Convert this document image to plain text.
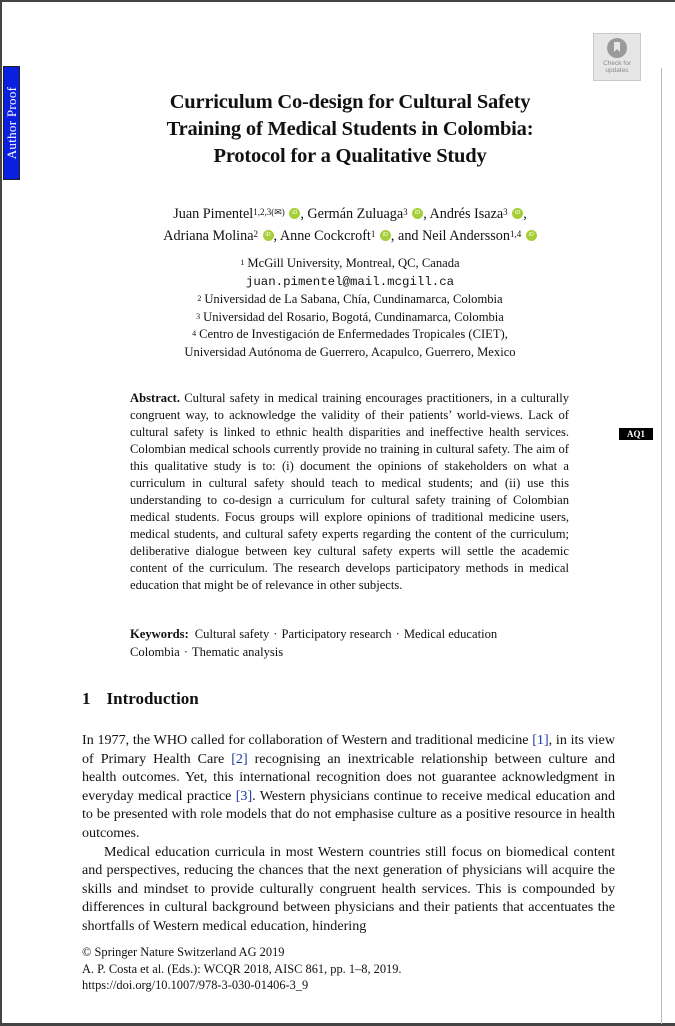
Author Proof
Check for
updates
Curriculum Co-design for Cultural Safety
Training of Medical Students in Colombia:
Protocol for a Qualitative Study
Juan Pimentel$^{1,2,3(✉)}$ iD , Germán Zuluaga$^3$ iD , Andrés Isaza$^3$ iD ,
Adriana Molina$^2$ iD , Anne Cockcroft$^1$ iD , and Neil Andersson$^{1,4}$ iD
$^1$ McGill University, Montreal, QC, Canada
juan.pimentel@mail.mcgill.ca
$^2$ Universidad de La Sabana, Chía, Cundinamarca, Colombia
$^3$ Universidad del Rosario, Bogotá, Cundinamarca, Colombia
$^4$ Centro de Investigación de Enfermedades Tropicales (CIET),
Universidad Autónoma de Guerrero, Acapulco, Guerrero, Mexico
Abstract. Cultural safety in medical training encourages practitioners, in a culturally congruent way, to acknowledge the validity of their patients’ world-views. Lack of cultural safety is linked to ethnic health disparities and ineffective health services. Colombian medical schools currently provide no training in cultural safety. The aim of this qualitative study is to: (i) document the opinions of stakeholders on what a curriculum in cultural safety should teach to medical students; and (ii) use this understanding to co-design a curriculum for cultural safety training of Colombian medical students. Focus groups will explore opinions of traditional medicine users, medical students, and cultural safety experts regarding the content of the curriculum; deliberative dialogue between key cultural safety experts will settle the academic content of the curriculum. The research develops participatory methods in medical education that might be of relevance in other subjects.
AQ1
Keywords: Cultural safety · Participatory research · Medical education
Colombia · Thematic analysis
1 Introduction

In 1977, the WHO called for collaboration of Western and traditional medicine [1], in its view of Primary Health Care [2] recognising an inextricable relationship between culture and health outcomes. Yet, this international recognition does not guarantee acknowledgment in everyday medical practice [3]. Western physicians continue to receive medical education and to be presented with role models that do not emphasise culture as a positive resource in health outcomes.

Medical education curricula in most Western countries still focus on biomedical content and perspectives, reducing the chances that the next generation of physicians will acquire the skills and mindset to provide culturally congruent health services. This is compounded by differences in cultural background between physicians and their patients that accentuates the shortfalls of Western medical education, hindering

© Springer Nature Switzerland AG 2019
A. P. Costa et al. (Eds.): WCQR 2018, AISC 861, pp. 1–8, 2019.
https://doi.org/10.1007/978-3-030-01406-3_9
